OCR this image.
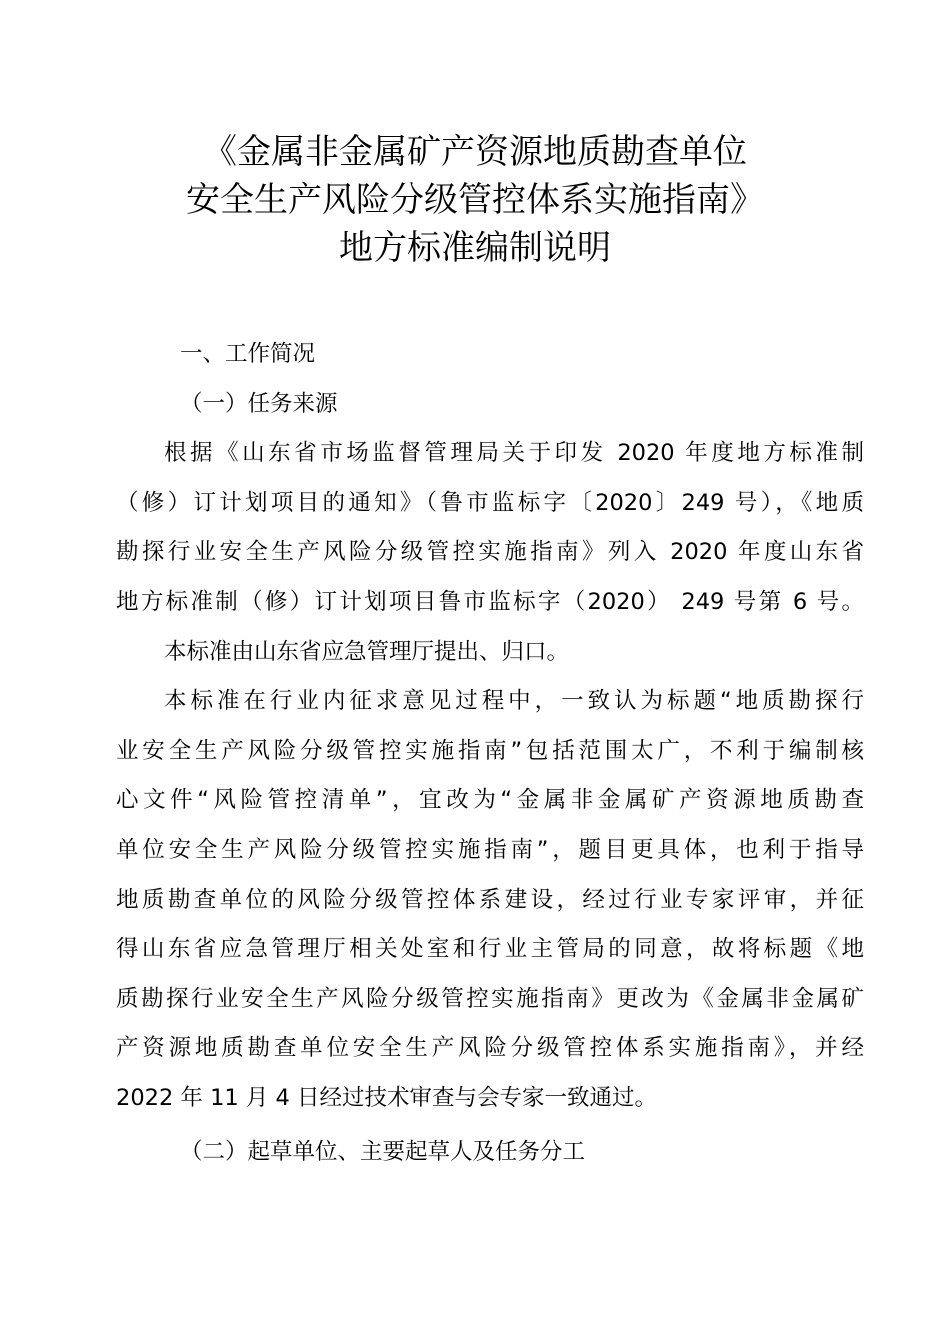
《金属非金属矿产资源地质勘查单位
安全生产风险分级管控体系实施指南》
地方标准编制说明
一、工作简况
（一）任务来源
根据《山东省市场监督管理局关于印发 2020 年度地方标准制
（修）订计划项目的通知》（鲁市监标字〔2020〕249 号），《地质
勘探行业安全生产风险分级管控实施指南》列入 2020 年度山东省
地方标准制（修）订计划项目鲁市监标字（2020） 249 号第 6 号。
本标准由山东省应急管理厅提出、归口。
本标准在行业内征求意见过程中，一致认为标题“地质勘探行
业安全生产风险分级管控实施指南”包括范围太广，不利于编制核
心文件“风险管控清单”，宜改为“金属非金属矿产资源地质勘查
单位安全生产风险分级管控实施指南”，题目更具体，也利于指导
地质勘查单位的风险分级管控体系建设，经过行业专家评审，并征
得山东省应急管理厅相关处室和行业主管局的同意，故将标题《地
质勘探行业安全生产风险分级管控实施指南》更改为《金属非金属矿
产资源地质勘查单位安全生产风险分级管控体系实施指南》，并经
2022 年 11 月 4 日经过技术审查与会专家一致通过。
（二）起草单位、主要起草人及任务分工
